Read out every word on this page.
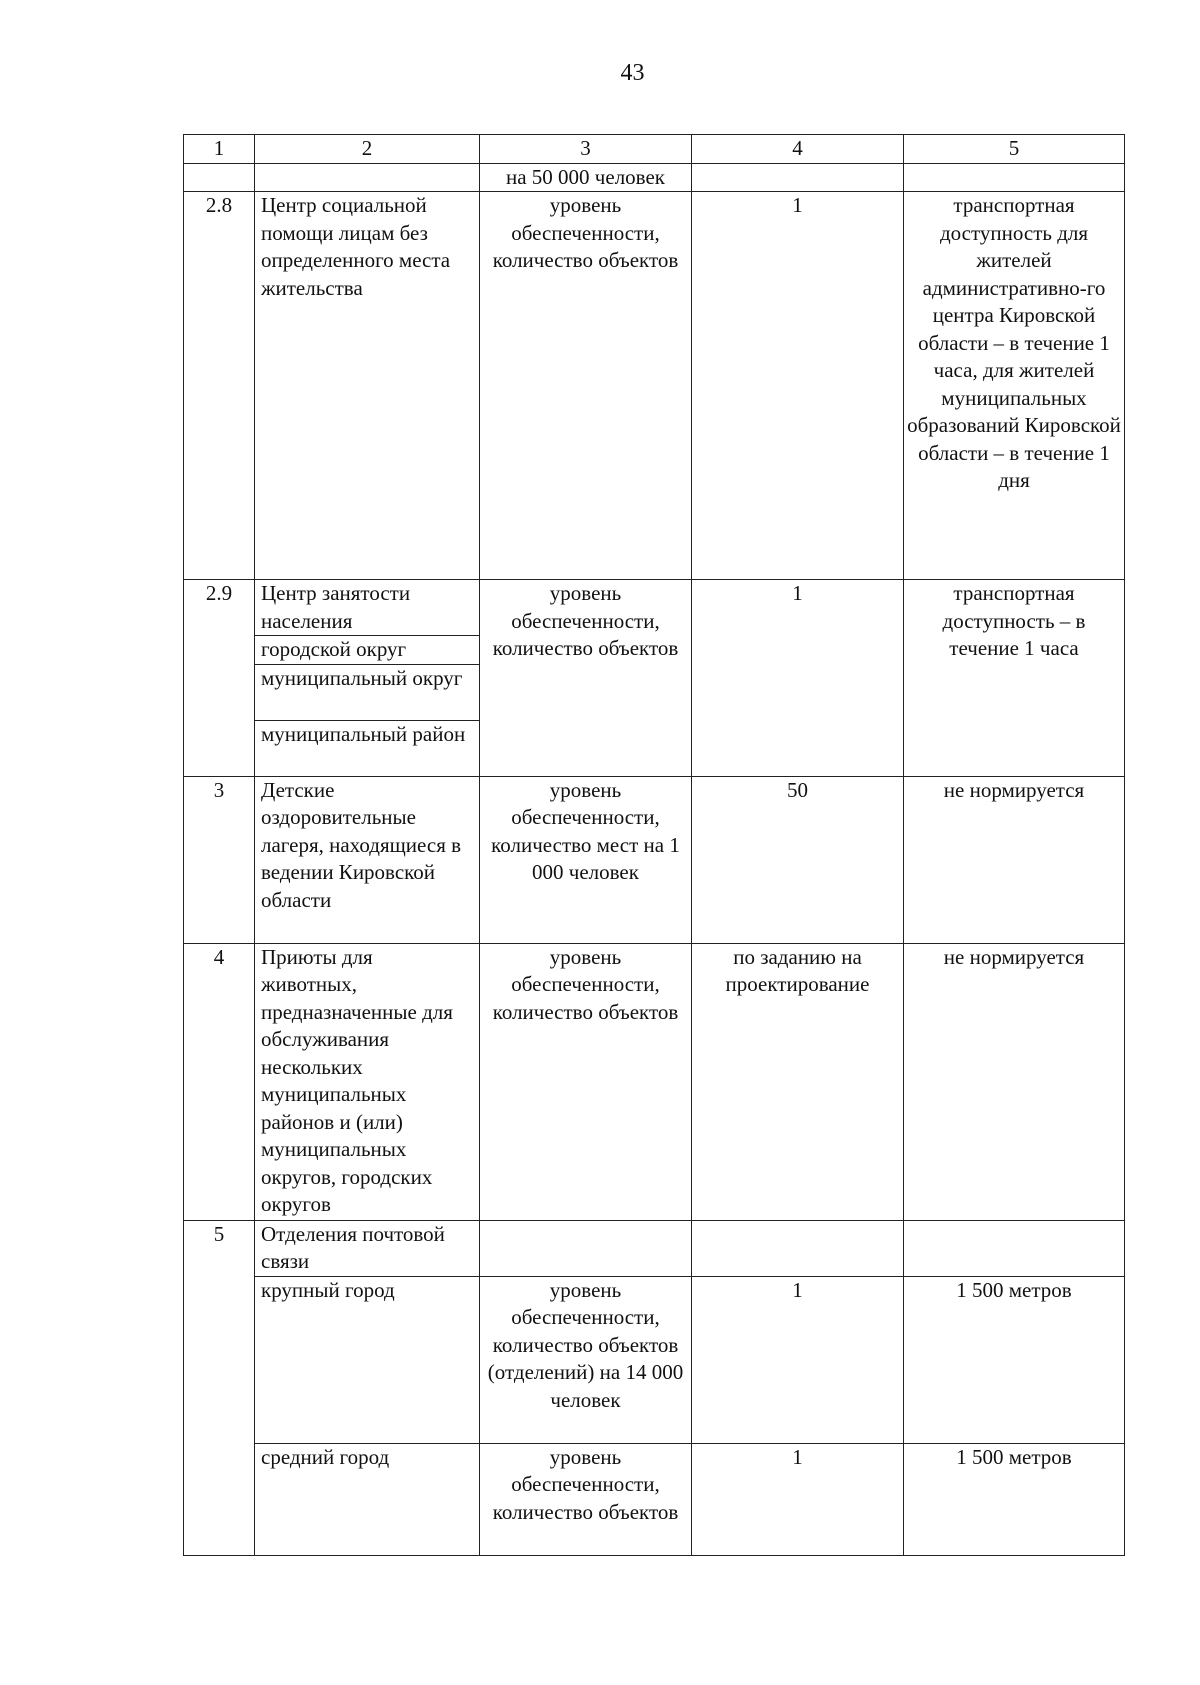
43
1	2	3	4	5
		на 50 000 человек		
2.8	Центр социальной помощи лицам без определенного места жительства	уровень обеспеченности, количество объектов	1	транспортная доступность для жителей административно-го центра Кировской области – в течение 1 часа, для жителей муниципальных образований Кировской области – в течение 1 дня
2.9	Центр занятости населения	уровень обеспеченности, количество объектов	1	транспортная доступность – в течение 1 часа
	городской округ			
	муниципальный округ			
	муниципальный район			
3	Детские оздоровительные лагеря, находящиеся в ведении Кировской области	уровень обеспеченности, количество мест на 1 000 человек	50	не нормируется
4	Приюты для животных, предназначенные для обслуживания нескольких муниципальных районов и (или) муниципальных округов, городских округов	уровень обеспеченности, количество объектов	по заданию на проектирование	не нормируется
5	Отделения почтовой связи			
	крупный город	уровень обеспеченности, количество объектов (отделений) на 14 000 человек	1	1 500 метров
	средний город	уровень обеспеченности, количество объектов	1	1 500 метров
